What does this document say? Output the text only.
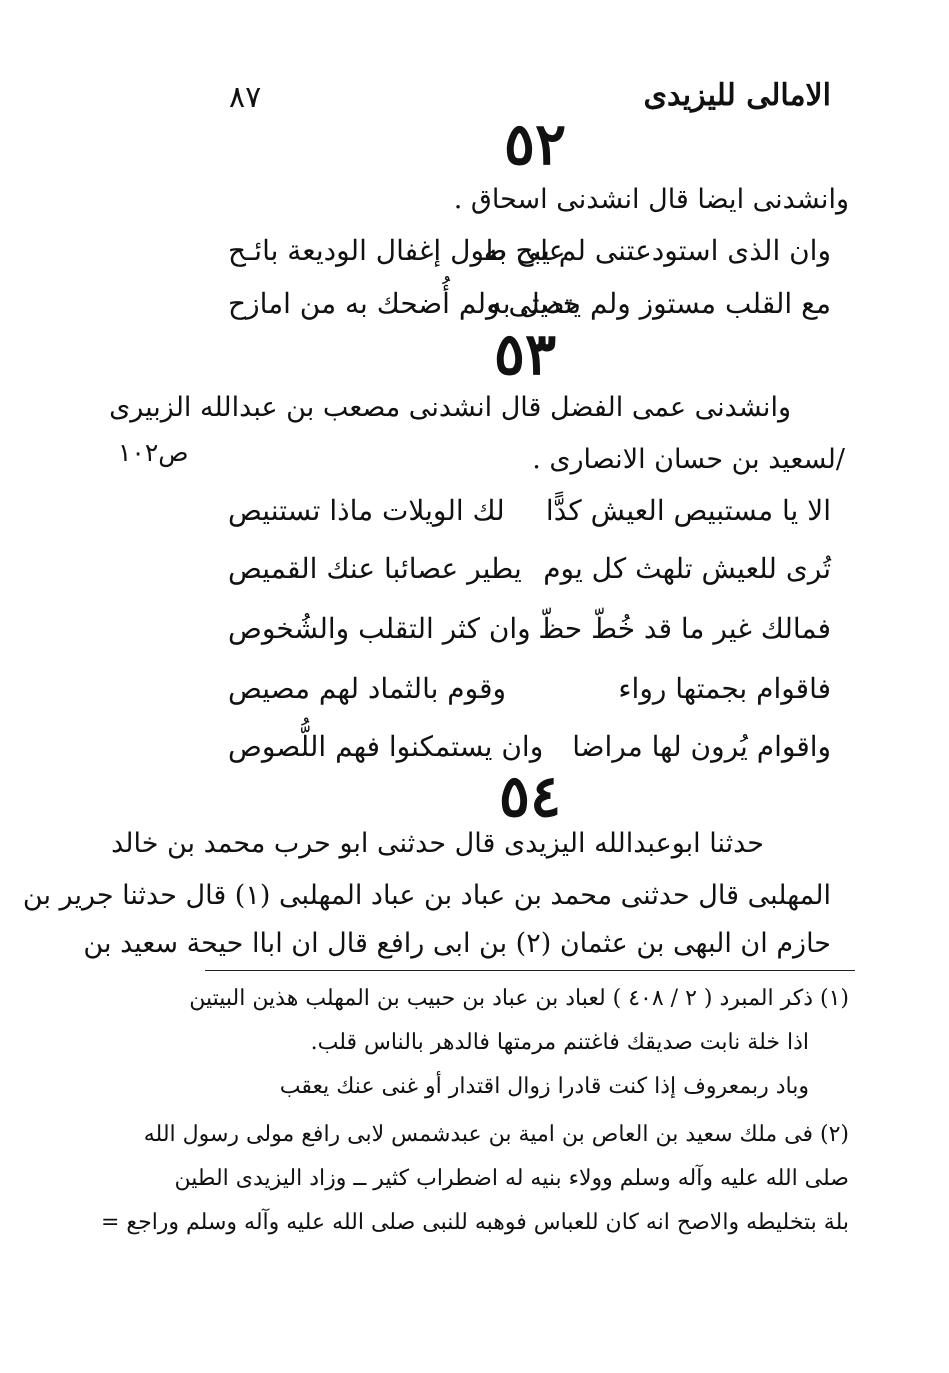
الامالى لليزيدى
٨٧
٥٢
وانشدنى ايضا قال انشدنى اسحاق .
وان الذى استودعتنى لم يبح به
على طول إغفال الوديعة بائـح
مع القلب مستوز ولم يتصل به
حديثى ولم أُضحك به من امازح
٥٣
وانشدنى عمى الفضل قال انشدنى مصعب بن عبدالله الزبيرى
/لسعيد بن حسان الانصارى .
ص١٠٢
الا يا مستبيص العيش كدًّا
لك الويلات ماذا تستنيص
تُرى للعيش تلهث كل يوم
يطير عصائبا عنك القميص
فمالك غير ما قد خُطّ حظّ
وان كثر التقلب والشُخوص
فاقوام بجمتها رواء
وقوم بالثماد لهم مصيص
واقوام يُرون لها مراضا
وان يستمكنوا فهم اللُّصوص
٥٤
حدثنا ابوعبدالله اليزيدى قال حدثنى ابو حرب محمد بن خالد
المهلبى قال حدثنى محمد بن عباد بن عباد المهلبى (١) قال حدثنا جرير بن
حازم ان البهى بن عثمان (٢) بن ابى رافع قال ان اباا حيحة سعيد بن
(١) ذكر المبرد ( ٢ / ٤٠٨ ) لعباد بن عباد بن حبيب بن المهلب هذين البيتين
اذا خلة نابت صديقك فاغتنم مرمتها فالدهر بالناس قلب.
وباد ربمعروف إذا كنت قادرا زوال اقتدار أو غنى عنك يعقب
(٢) فى ملك سعيد بن العاص بن امية بن عبدشمس لابى رافع مولى رسول الله
صلى الله عليه وآله وسلم وولاء بنيه له اضطراب كثير ــ وزاد اليزيدى الطين
بلة بتخليطه والاصح انه كان للعباس فوهبه للنبى صلى الله عليه وآله وسلم وراجع =
